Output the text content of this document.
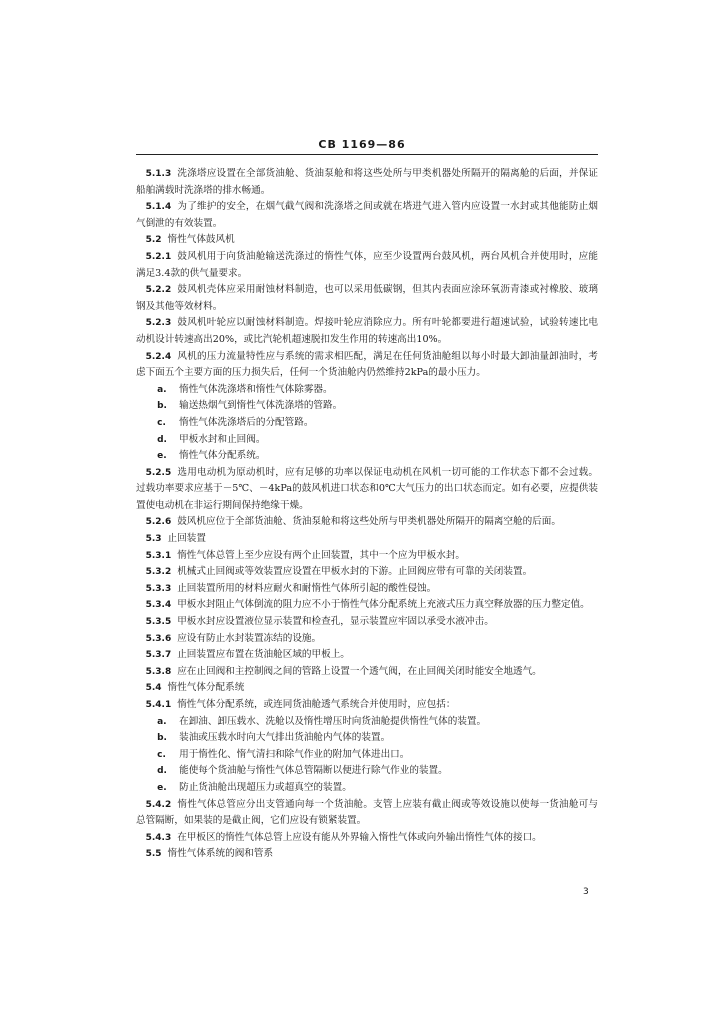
CB 1169—86

5.1.3 洗涤塔应设置在全部货油舱、货油泵舱和将这些处所与甲类机器处所隔开的隔离舱的后面，并保证船舶满载时洗涤塔的排水畅通。

5.1.4 为了维护的安全，在烟气截气阀和洗涤塔之间或就在塔进气进入管内应设置一水封或其他能防止烟气倒泄的有效装置。

5.2 惰性气体鼓风机

5.2.1 鼓风机用于向货油舱输送洗涤过的惰性气体，应至少设置两台鼓风机，两台风机合并使用时，应能满足3.4款的供气量要求。

5.2.2 鼓风机壳体应采用耐蚀材料制造，也可以采用低碳钢，但其内表面应涂环氧沥青漆或衬橡胶、玻璃钢及其他等效材料。

5.2.3 鼓风机叶轮应以耐蚀材料制造。焊接叶轮应消除应力。所有叶轮都要进行超速试验，试验转速比电动机设计转速高出20%，或比汽轮机超速脱扣发生作用的转速高出10%。

5.2.4 风机的压力流量特性应与系统的需求相匹配，满足在任何货油舱组以每小时最大卸油量卸油时，考虑下面五个主要方面的压力损失后，任何一个货油舱内仍然维持2kPa的最小压力。

a. 惰性气体洗涤塔和惰性气体除雾器。

b. 输送热烟气到惰性气体洗涤塔的管路。

c. 惰性气体洗涤塔后的分配管路。

d. 甲板水封和止回阀。

e. 惰性气体分配系统。

5.2.5 选用电动机为原动机时，应有足够的功率以保证电动机在风机一切可能的工作状态下都不会过载。过载功率要求应基于－5℃、－4kPa的鼓风机进口状态和0℃大气压力的出口状态而定。如有必要，应提供装置使电动机在非运行期间保持绝缘干燥。

5.2.6 鼓风机应位于全部货油舱、货油泵舱和将这些处所与甲类机器处所隔开的隔离空舱的后面。

5.3 止回装置

5.3.1 惰性气体总管上至少应设有两个止回装置，其中一个应为甲板水封。

5.3.2 机械式止回阀或等效装置应设置在甲板水封的下游。止回阀应带有可靠的关闭装置。

5.3.3 止回装置所用的材料应耐火和耐惰性气体所引起的酸性侵蚀。

5.3.4 甲板水封阻止气体倒流的阻力应不小于惰性气体分配系统上充液式压力真空释放器的压力整定值。

5.3.5 甲板水封应设置液位显示装置和检查孔，显示装置应牢固以承受水液冲击。

5.3.6 应设有防止水封装置冻结的设施。

5.3.7 止回装置应布置在货油舱区域的甲板上。

5.3.8 应在止回阀和主控制阀之间的管路上设置一个透气阀，在止回阀关闭时能安全地透气。

5.4 惰性气体分配系统

5.4.1 惰性气体分配系统，或连同货油舱透气系统合并使用时，应包括：

a. 在卸油、卸压载水、洗舱以及惰性增压时向货油舱提供惰性气体的装置。

b. 装油或压载水时向大气排出货油舱内气体的装置。

c. 用于惰性化、惰气清扫和除气作业的附加气体进出口。

d. 能使每个货油舱与惰性气体总管隔断以便进行除气作业的装置。

e. 防止货油舱出现超压力或超真空的装置。

5.4.2 惰性气体总管应分出支管通向每一个货油舱。支管上应装有截止阀或等效设施以使每一货油舱可与总管隔断，如果装的是截止阀，它们应设有锁紧装置。

5.4.3 在甲板区的惰性气体总管上应设有能从外界输入惰性气体或向外输出惰性气体的接口。

5.5 惰性气体系统的阀和管系

3
